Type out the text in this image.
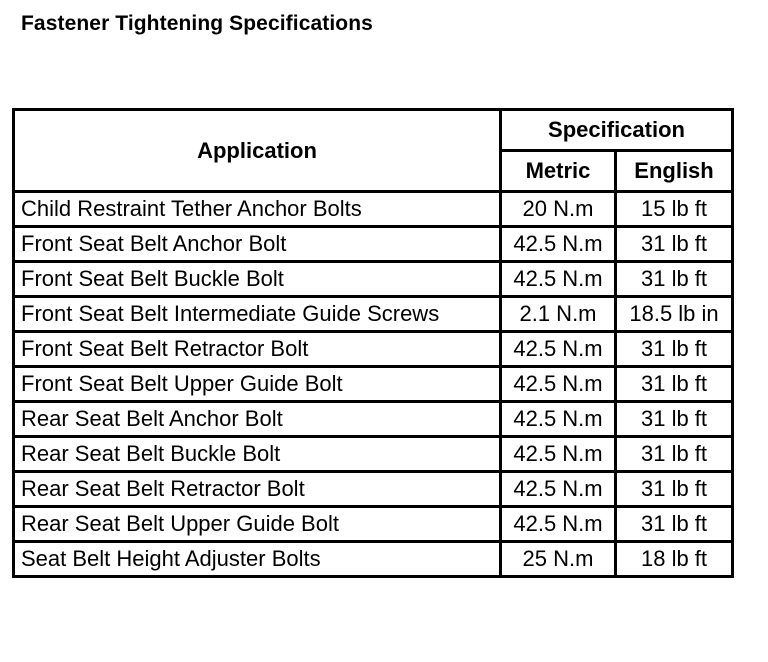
Fastener Tightening Specifications
Application	Specification	
	Metric	English
Child Restraint Tether Anchor Bolts	20 N.m	15 lb ft
Front Seat Belt Anchor Bolt	42.5 N.m	31 lb ft
Front Seat Belt Buckle Bolt	42.5 N.m	31 lb ft
Front Seat Belt Intermediate Guide Screws	2.1 N.m	18.5 lb in
Front Seat Belt Retractor Bolt	42.5 N.m	31 lb ft
Front Seat Belt Upper Guide Bolt	42.5 N.m	31 lb ft
Rear Seat Belt Anchor Bolt	42.5 N.m	31 lb ft
Rear Seat Belt Buckle Bolt	42.5 N.m	31 lb ft
Rear Seat Belt Retractor Bolt	42.5 N.m	31 lb ft
Rear Seat Belt Upper Guide Bolt	42.5 N.m	31 lb ft
Seat Belt Height Adjuster Bolts	25 N.m	18 lb ft
